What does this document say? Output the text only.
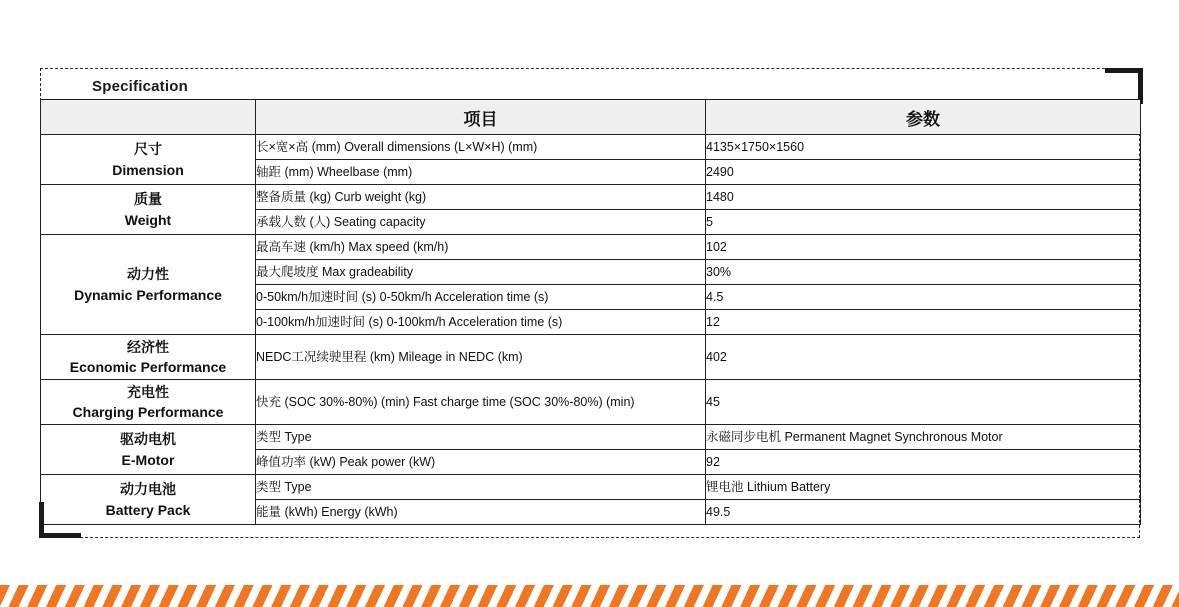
Specification
	项目	参数

尺寸
Dimension	长×宽×高 (mm) Overall dimensions (L×W×H) (mm)	4135×1750×1560
	轴距 (mm) Wheelbase (mm)	2490

质量
Weight	整备质量 (kg) Curb weight (kg)	1480
	承载人数 (人) Seating capacity	5

动力性
Dynamic Performance	最高车速 (km/h) Max speed (km/h)	102
	最大爬坡度 Max gradeability	30%
	0-50km/h加速时间 (s) 0-50km/h Acceleration time (s)	4.5
	0-100km/h加速时间 (s) 0-100km/h Acceleration time (s)	12

经济性
Economic Performance	NEDC工况续驶里程 (km) Mileage in NEDC (km)	402

充电性
Charging Performance	快充 (SOC 30%-80%) (min) Fast charge time (SOC 30%-80%) (min)	45

驱动电机
E-Motor	类型 Type	永磁同步电机 Permanent Magnet Synchronous Motor
	峰值功率 (kW) Peak power (kW)	92

动力电池
Battery Pack	类型 Type	锂电池 Lithium Battery
	能量 (kWh) Energy (kWh)	49.5
